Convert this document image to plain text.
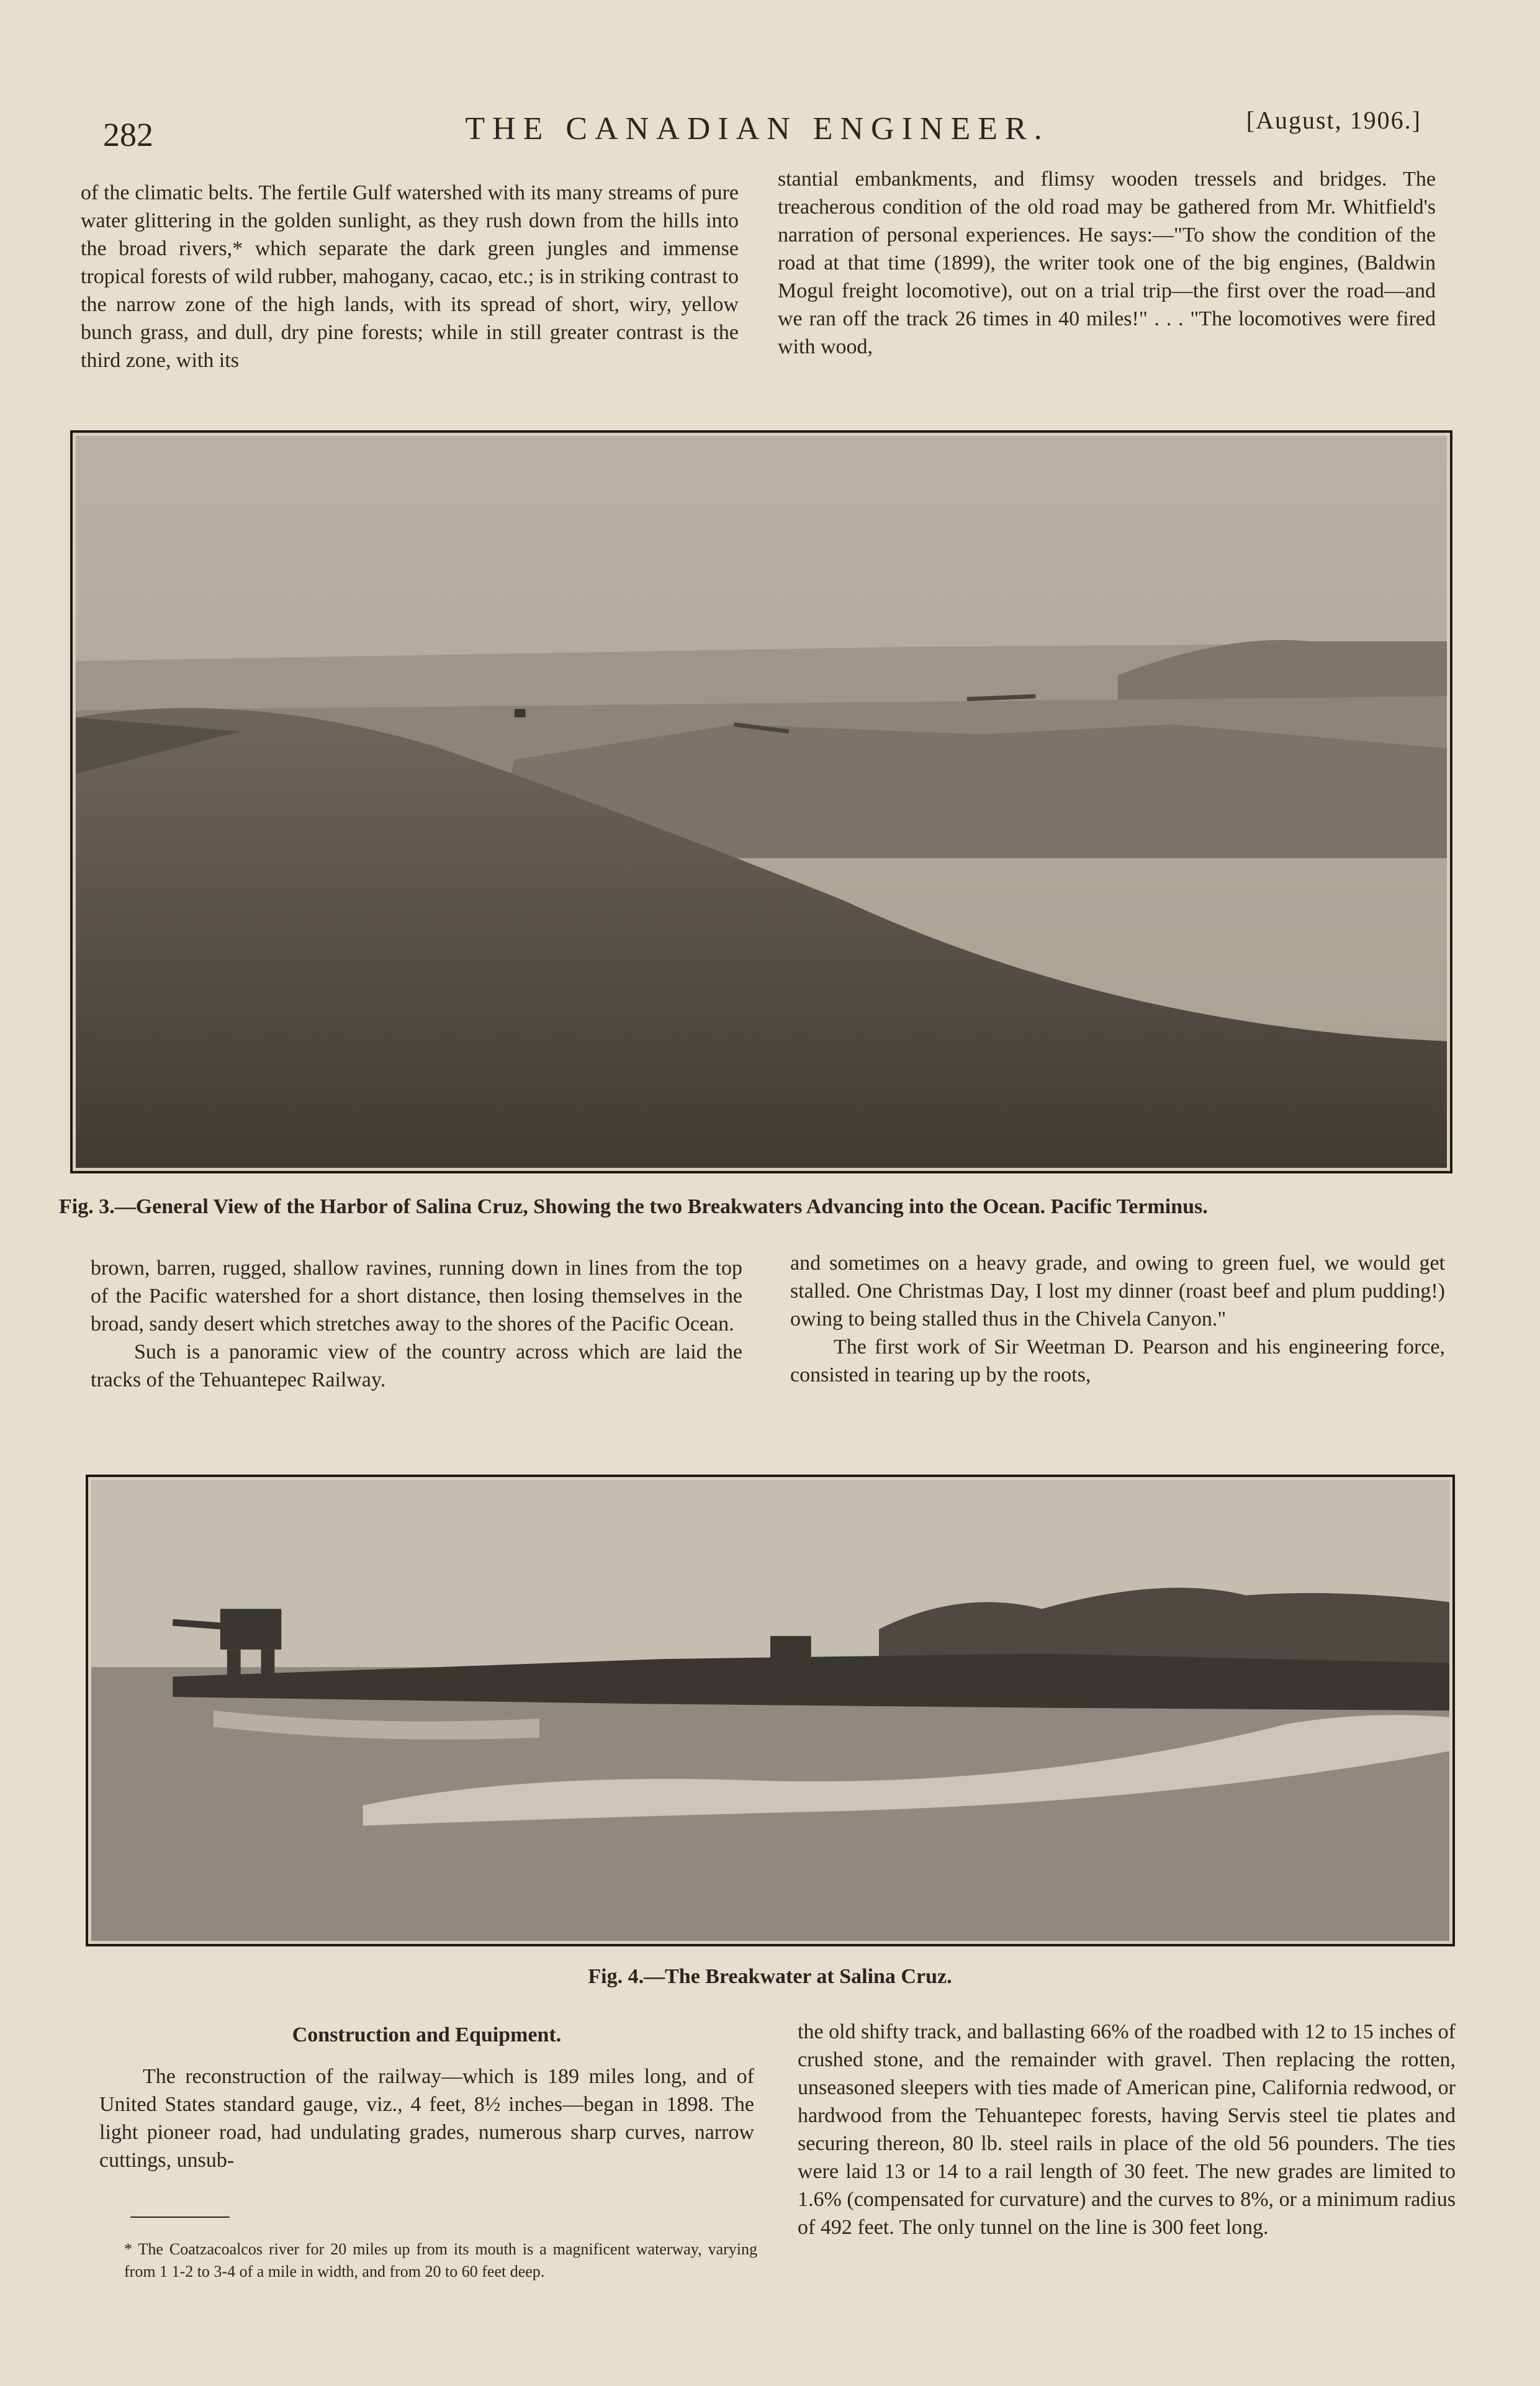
282	THE CANADIAN ENGINEER.	[August, 1906.]

of the climatic belts. The fertile Gulf watershed with its many streams of pure water glittering in the golden sunlight, as they rush down from the hills into the broad rivers,* which separate the dark green jungles and immense tropical forests of wild rubber, mahogany, cacao, etc.; is in striking contrast to the narrow zone of the high lands, with its spread of short, wiry, yellow bunch grass, and dull, dry pine forests; while in still greater contrast is the third zone, with its

stantial embankments, and flimsy wooden tressels and bridges. The treacherous condition of the old road may be gathered from Mr. Whitfield's narration of personal experiences. He says:—"To show the condition of the road at that time (1899), the writer took one of the big engines, (Baldwin Mogul freight locomotive), out on a trial trip—the first over the road—and we ran off the track 26 times in 40 miles!" . . . "The locomotives were fired with wood,

Fig. 3.—General View of the Harbor of Salina Cruz, Showing the two Breakwaters Advancing into the Ocean. Pacific Terminus.

brown, barren, rugged, shallow ravines, running down in lines from the top of the Pacific watershed for a short distance, then losing themselves in the broad, sandy desert which stretches away to the shores of the Pacific Ocean.

Such is a panoramic view of the country across which are laid the tracks of the Tehuantepec Railway.

and sometimes on a heavy grade, and owing to green fuel, we would get stalled. One Christmas Day, I lost my dinner (roast beef and plum pudding!) owing to being stalled thus in the Chivela Canyon."

The first work of Sir Weetman D. Pearson and his engineering force, consisted in tearing up by the roots,

Fig. 4.—The Breakwater at Salina Cruz.
Construction and Equipment.

The reconstruction of the railway—which is 189 miles long, and of United States standard gauge, viz., 4 feet, 8½ inches—began in 1898. The light pioneer road, had undulating grades, numerous sharp curves, narrow cuttings, unsub-

* The Coatzacoalcos river for 20 miles up from its mouth is a magnificent waterway, varying from 1 1-2 to 3-4 of a mile in width, and from 20 to 60 feet deep.

the old shifty track, and ballasting 66% of the roadbed with 12 to 15 inches of crushed stone, and the remainder with gravel. Then replacing the rotten, unseasoned sleepers with ties made of American pine, California redwood, or hardwood from the Tehuantepec forests, having Servis steel tie plates and securing thereon, 80 lb. steel rails in place of the old 56 pounders. The ties were laid 13 or 14 to a rail length of 30 feet. The new grades are limited to 1.6% (compensated for curvature) and the curves to 8%, or a minimum radius of 492 feet. The only tunnel on the line is 300 feet long.
